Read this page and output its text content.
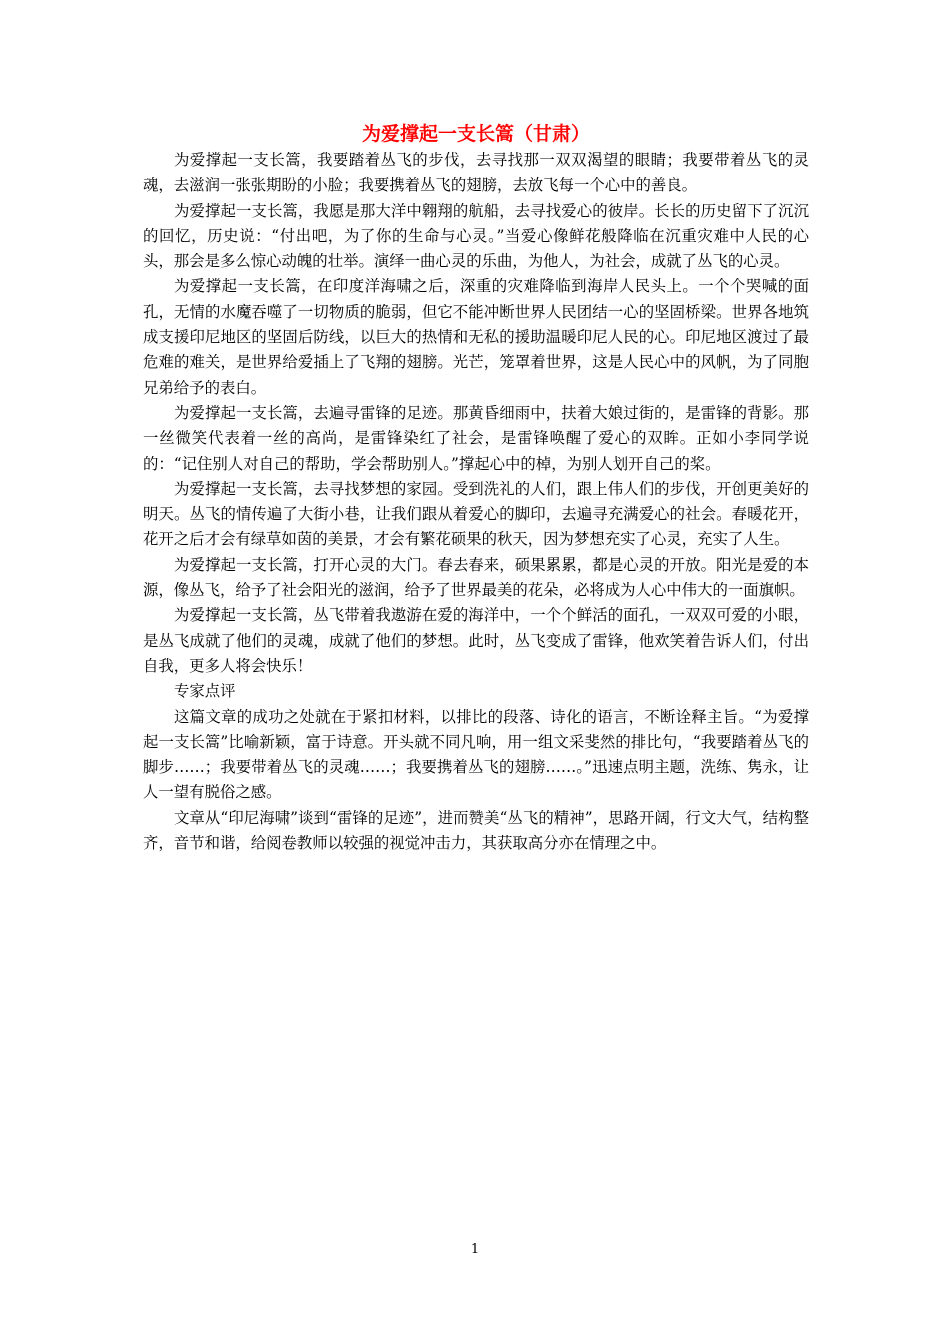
为爱撑起一支长篙（甘肃）

为爱撑起一支长篙，我要踏着丛飞的步伐，去寻找那一双双渴望的眼睛；我要带着丛飞的灵魂，去滋润一张张期盼的小脸；我要携着丛飞的翅膀，去放飞每一个心中的善良。

为爱撑起一支长篙，我愿是那大洋中翱翔的航船，去寻找爱心的彼岸。长长的历史留下了沉沉的回忆，历史说：“付出吧，为了你的生命与心灵。”当爱心像鲜花般降临在沉重灾难中人民的心头，那会是多么惊心动魄的壮举。演绎一曲心灵的乐曲，为他人，为社会，成就了丛飞的心灵。

为爱撑起一支长篙，在印度洋海啸之后，深重的灾难降临到海岸人民头上。一个个哭喊的面孔，无情的水魔吞噬了一切物质的脆弱，但它不能冲断世界人民团结一心的坚固桥梁。世界各地筑成支援印尼地区的坚固后防线，以巨大的热情和无私的援助温暖印尼人民的心。印尼地区渡过了最危难的难关，是世界给爱插上了飞翔的翅膀。光芒，笼罩着世界，这是人民心中的风帆，为了同胞兄弟给予的表白。

为爱撑起一支长篙，去遍寻雷锋的足迹。那黄昏细雨中，扶着大娘过街的，是雷锋的背影。那一丝微笑代表着一丝的高尚，是雷锋染红了社会，是雷锋唤醒了爱心的双眸。正如小李同学说的：“记住别人对自己的帮助，学会帮助别人。”撑起心中的棹，为别人划开自己的桨。

为爱撑起一支长篙，去寻找梦想的家园。受到洗礼的人们，跟上伟人们的步伐，开创更美好的明天。丛飞的情传遍了大街小巷，让我们跟从着爱心的脚印，去遍寻充满爱心的社会。春暖花开，花开之后才会有绿草如茵的美景，才会有繁花硕果的秋天，因为梦想充实了心灵，充实了人生。

为爱撑起一支长篙，打开心灵的大门。春去春来，硕果累累，都是心灵的开放。阳光是爱的本源，像丛飞，给予了社会阳光的滋润，给予了世界最美的花朵，必将成为人心中伟大的一面旗帜。

为爱撑起一支长篙，丛飞带着我遨游在爱的海洋中，一个个鲜活的面孔，一双双可爱的小眼，是丛飞成就了他们的灵魂，成就了他们的梦想。此时，丛飞变成了雷锋，他欢笑着告诉人们，付出自我，更多人将会快乐！

专家点评

这篇文章的成功之处就在于紧扣材料，以排比的段落、诗化的语言，不断诠释主旨。“为爱撑起一支长篙”比喻新颖，富于诗意。开头就不同凡响，用一组文采斐然的排比句，“我要踏着丛飞的脚步……；我要带着丛飞的灵魂……；我要携着丛飞的翅膀……。”迅速点明主题，洗练、隽永，让人一望有脱俗之感。

文章从“印尼海啸”谈到“雷锋的足迹”，进而赞美“丛飞的精神”，思路开阔，行文大气，结构整齐，音节和谐，给阅卷教师以较强的视觉冲击力，其获取高分亦在情理之中。

1
